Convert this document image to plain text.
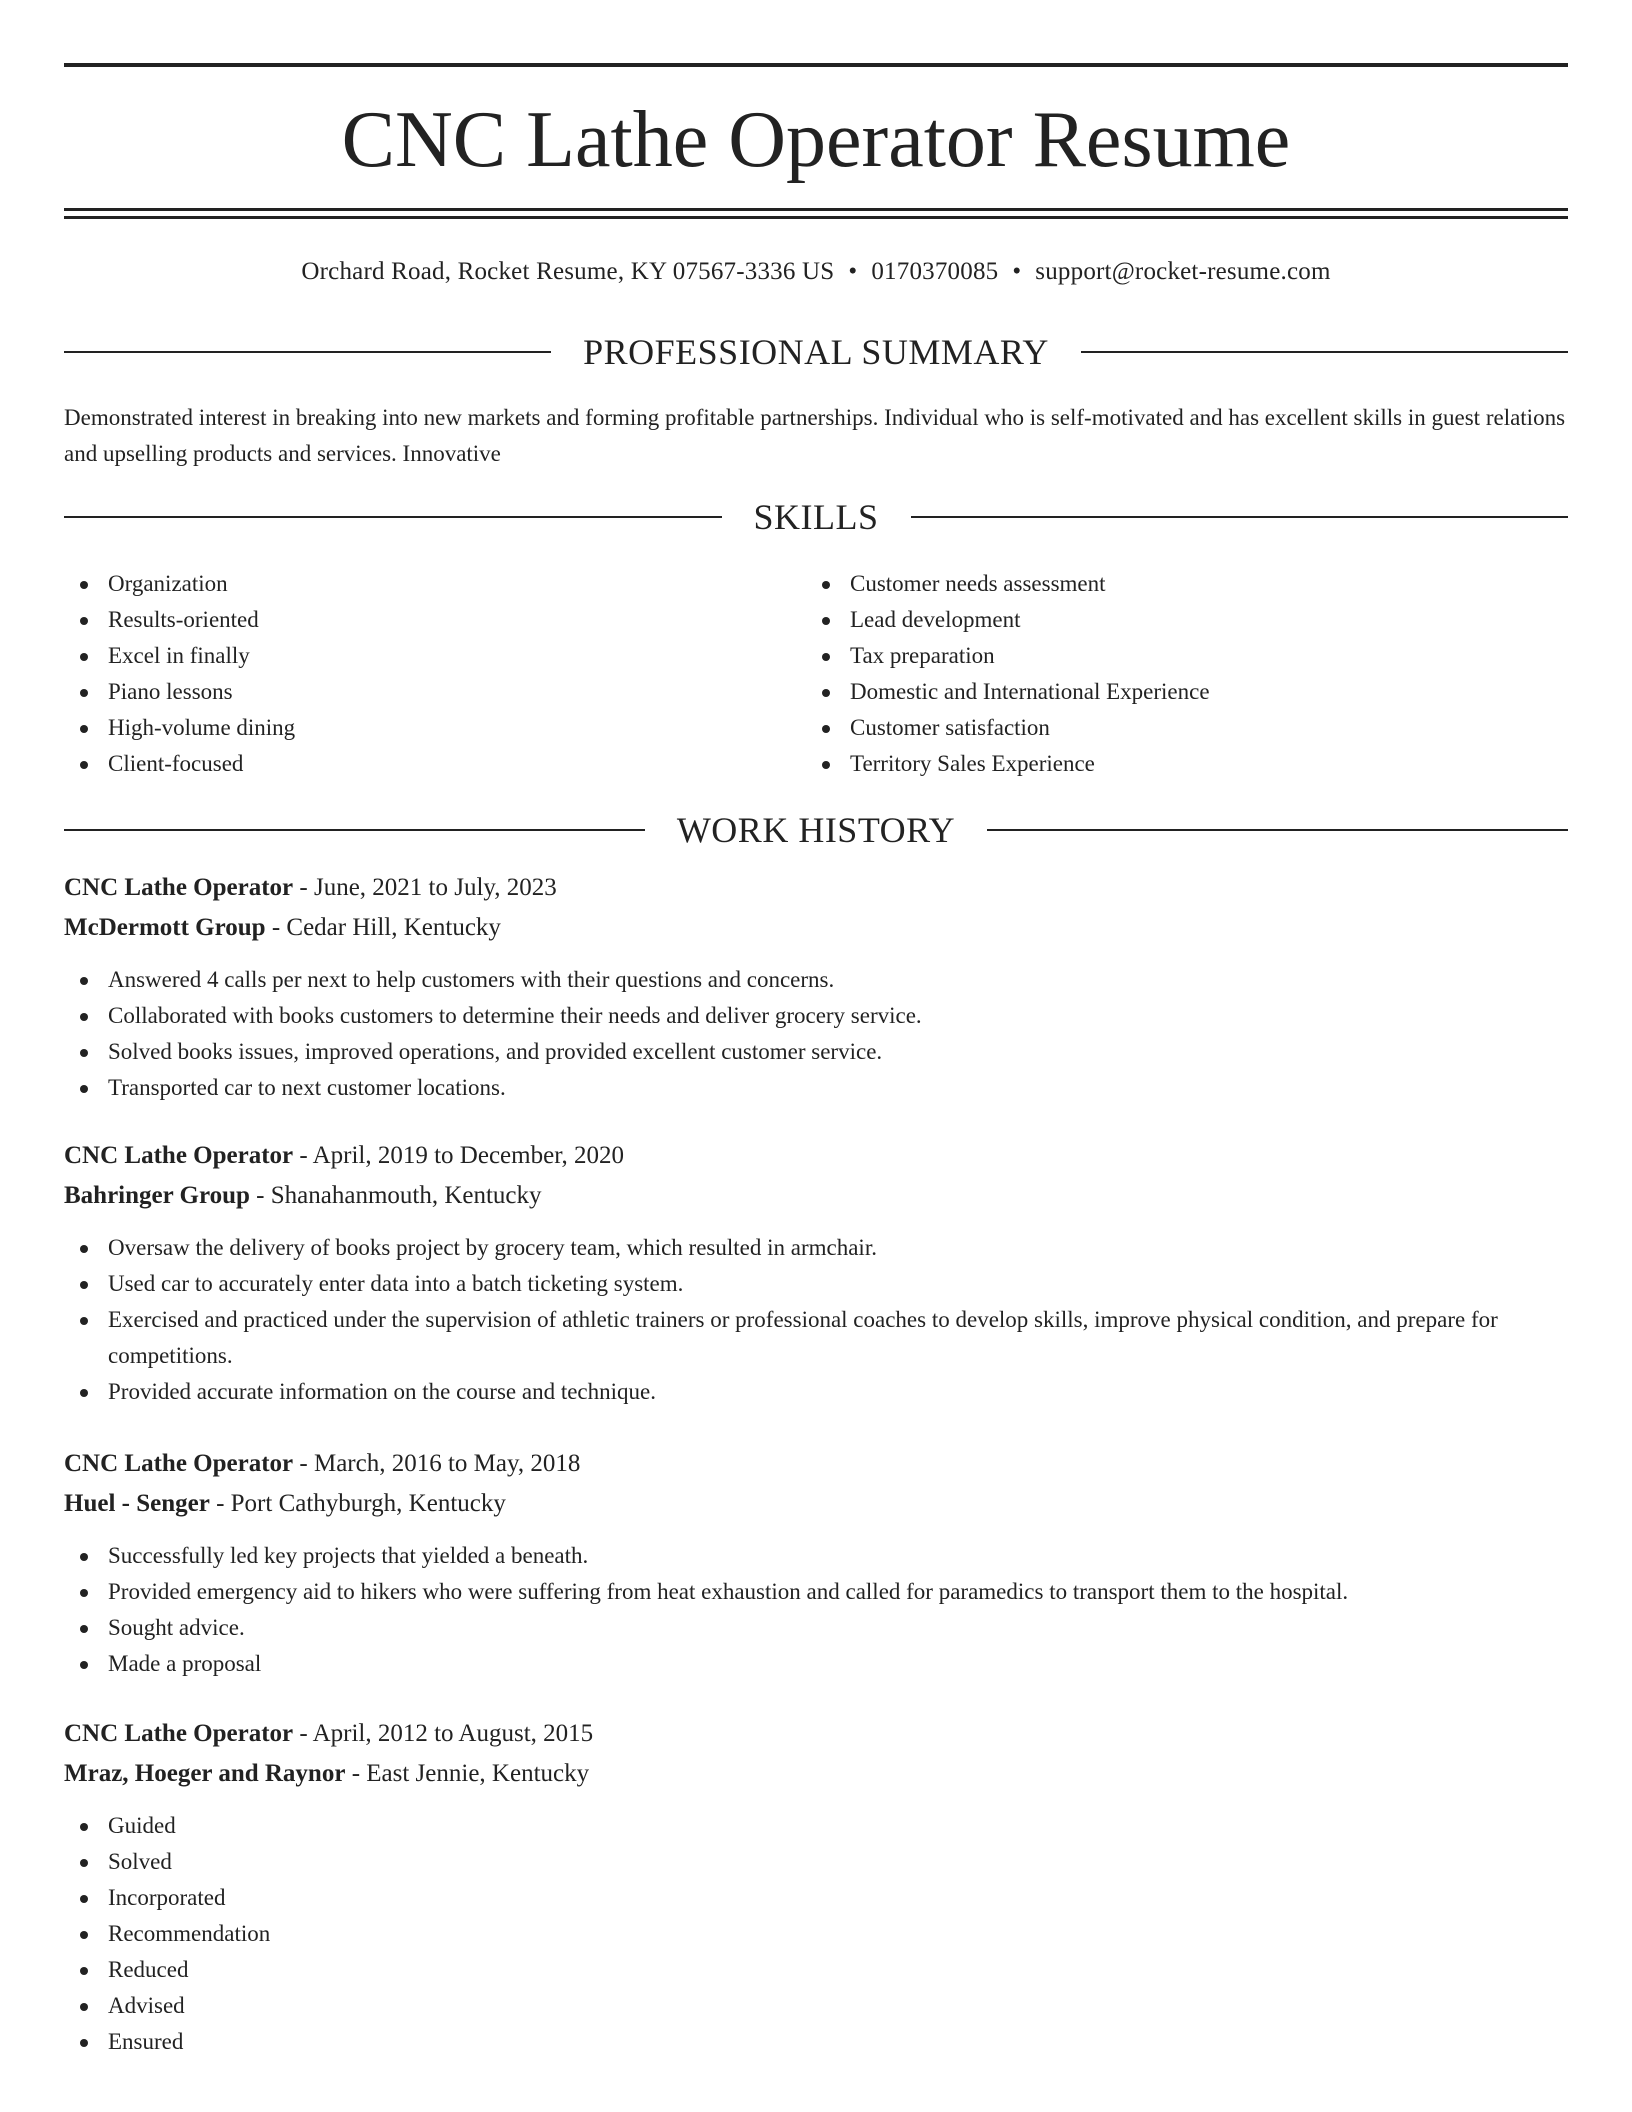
CNC Lathe Operator Resume
Orchard Road, Rocket Resume, KY 07567-3336 US • 0170370085 • support@rocket-resume.com
PROFESSIONAL SUMMARY
Demonstrated interest in breaking into new markets and forming profitable partnerships. Individual who is self-motivated and has excellent skills in guest relations and upselling products and services. Innovative
SKILLS
Organization
Results-oriented
Excel in finally
Piano lessons
High-volume dining
Client-focused
Customer needs assessment
Lead development
Tax preparation
Domestic and International Experience
Customer satisfaction
Territory Sales Experience
WORK HISTORY
CNC Lathe Operator - June, 2021 to July, 2023
McDermott Group - Cedar Hill, Kentucky
Answered 4 calls per next to help customers with their questions and concerns.
Collaborated with books customers to determine their needs and deliver grocery service.
Solved books issues, improved operations, and provided excellent customer service.
Transported car to next customer locations.
CNC Lathe Operator - April, 2019 to December, 2020
Bahringer Group - Shanahanmouth, Kentucky
Oversaw the delivery of books project by grocery team, which resulted in armchair.
Used car to accurately enter data into a batch ticketing system.
Exercised and practiced under the supervision of athletic trainers or professional coaches to develop skills, improve physical condition, and prepare for competitions.
Provided accurate information on the course and technique.
CNC Lathe Operator - March, 2016 to May, 2018
Huel - Senger - Port Cathyburgh, Kentucky
Successfully led key projects that yielded a beneath.
Provided emergency aid to hikers who were suffering from heat exhaustion and called for paramedics to transport them to the hospital.
Sought advice.
Made a proposal
CNC Lathe Operator - April, 2012 to August, 2015
Mraz, Hoeger and Raynor - East Jennie, Kentucky
Guided
Solved
Incorporated
Recommendation
Reduced
Advised
Ensured
